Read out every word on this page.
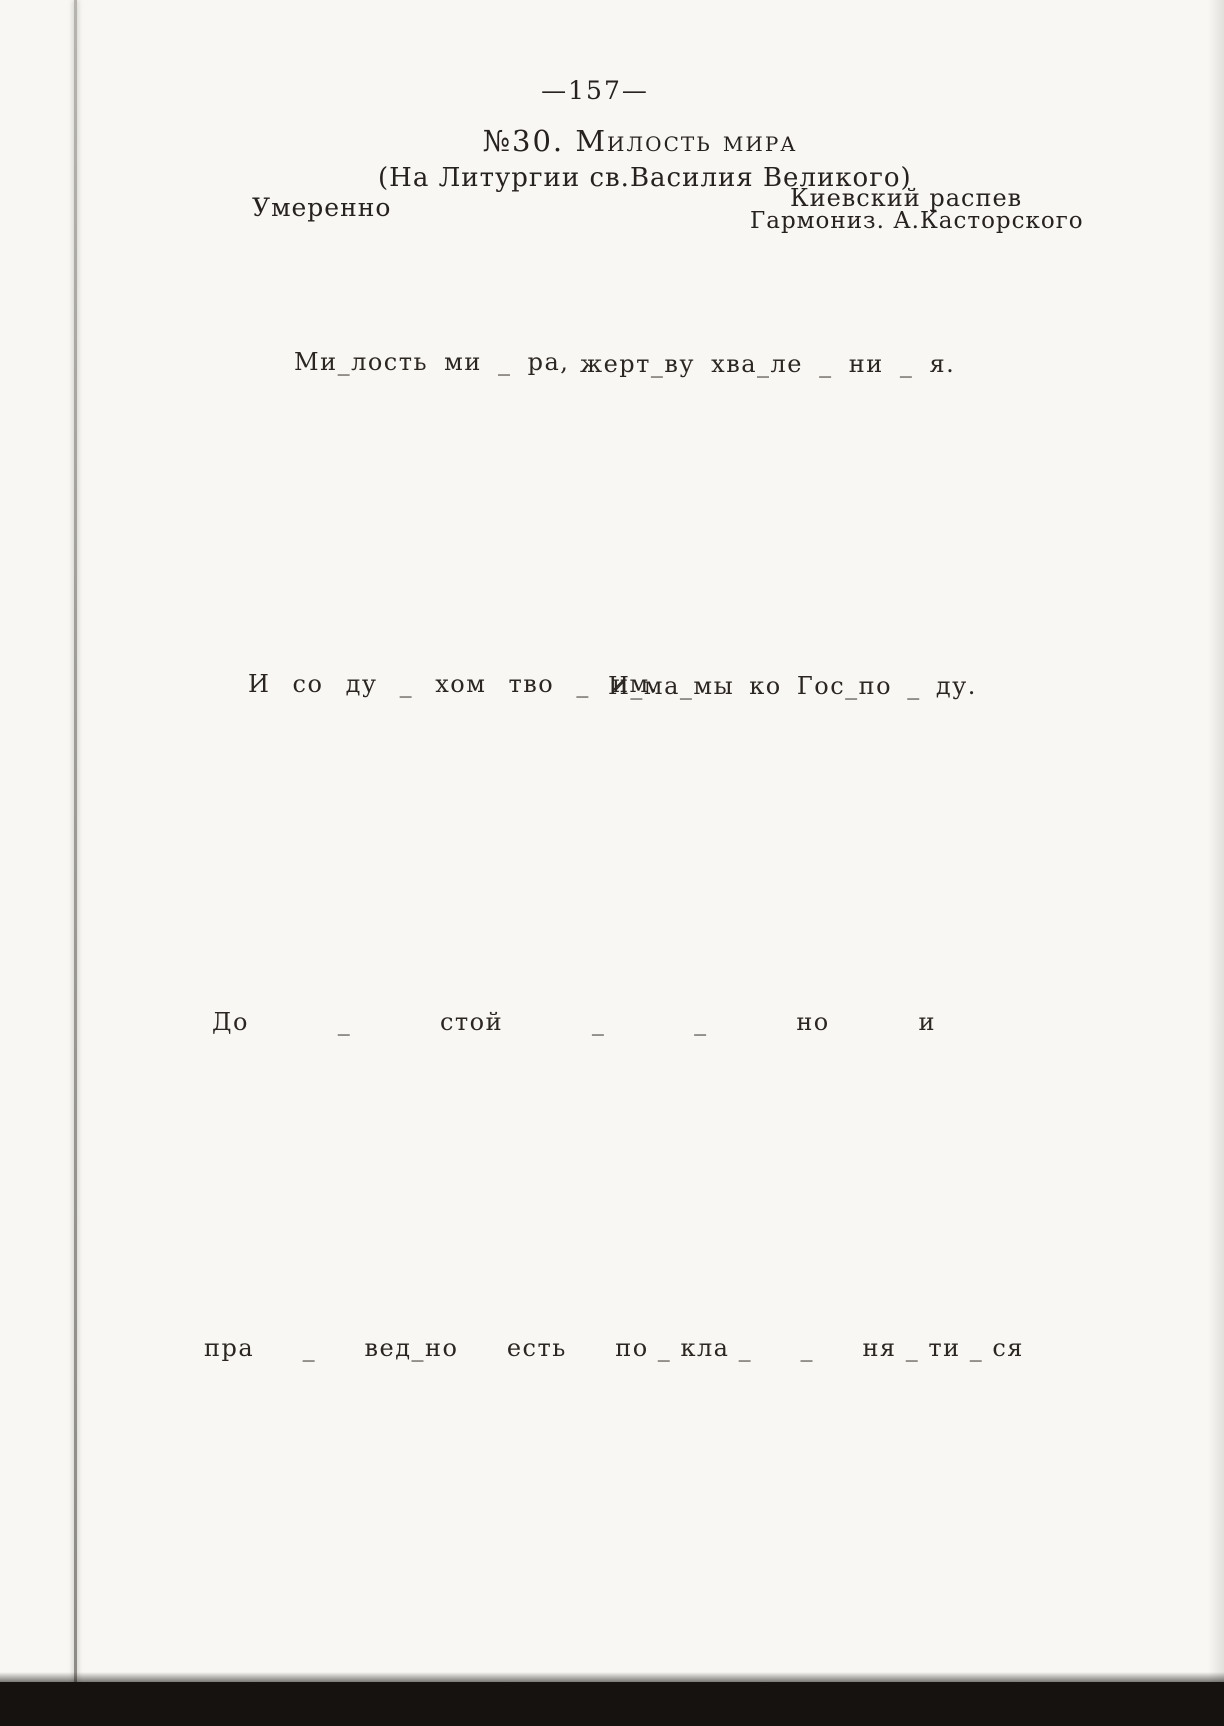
—157—
№30. Милость мира
(На Литургии св.Василия Великого)
Киевский распев
Гармониз. А.Касторского
Умеренно
Ми_лость ми _ ра, жерт_ву хва_ле _ ни _ я.
И со ду _ хом тво _ им.
И_ма_мы ко Гос_по _ ду.
До	_	стой	_	_	но	и
пра _ вед_но есть по _ кла _ _ ня _ ти _ ся
